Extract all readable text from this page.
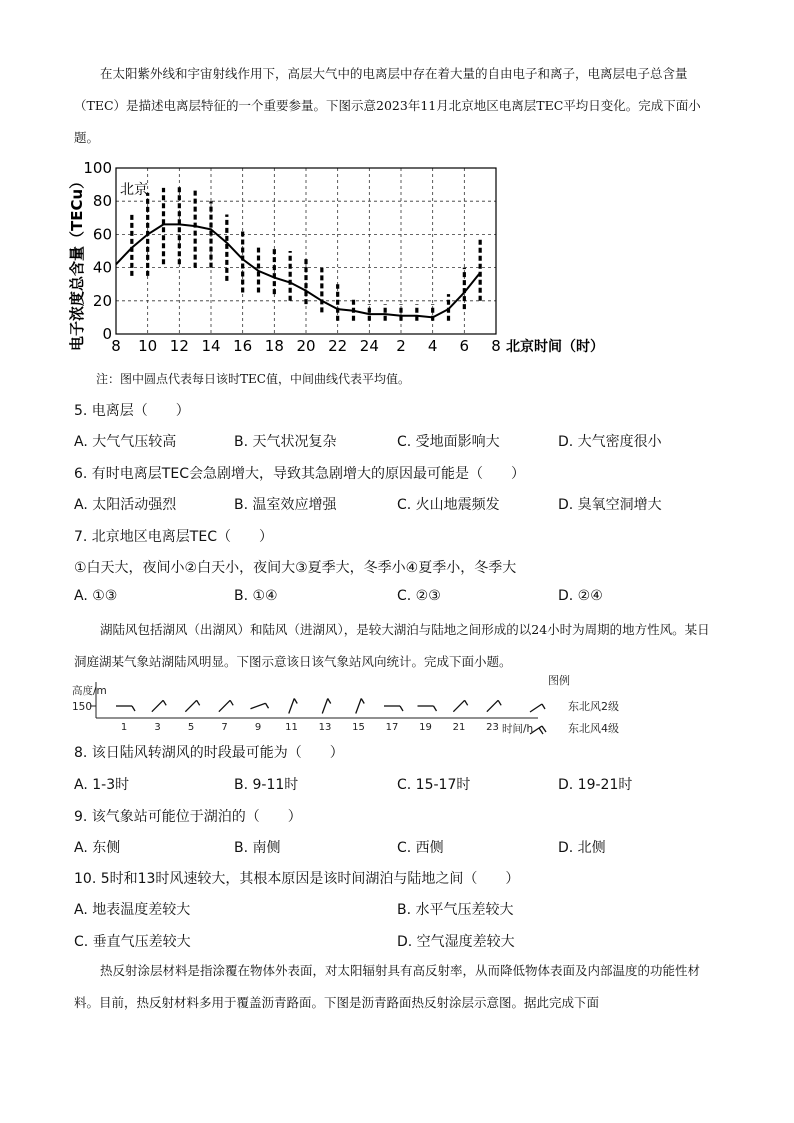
在太阳紫外线和宇宙射线作用下，高层大气中的电离层中存在着大量的自由电子和离子，电离层电子总含量（TEC）是描述电离层特征的一个重要参量。下图示意2023年11月北京地区电离层TEC平均日变化。完成下面小题。

0
20
40
60
80
100
8 10 12 14 16 18 20 22 24 2 4 6 8
北京
电子浓度总含量（TECu）	北京时间（时）
注：图中圆点代表每日该时TEC值，中间曲线代表平均值。
5. 电离层（　　）
A. 大气气压较高	B. 天气状况复杂	C. 受地面影响大	D. 大气密度很小
6. 有时电离层TEC会急剧增大，导致其急剧增大的原因最可能是（　　）
A. 太阳活动强烈	B. 温室效应增强	C. 火山地震频发	D. 臭氧空洞增大
7. 北京地区电离层TEC（　　）
①白天大，夜间小②白天小，夜间大③夏季大，冬季小④夏季小，冬季大
A. ①③	B. ①④	C. ②③	D. ②④

湖陆风包括湖风（出湖风）和陆风（进湖风），是较大湖泊与陆地之间形成的以24小时为周期的地方性风。某日洞庭湖某气象站湖陆风明显。下图示意该日该气象站风向统计。完成下面小题。

高度/m
150
1	3	5	7	9 11 13 15 17 19 21 23 时间/h
图例
东北风2级
东北风4级
8. 该日陆风转湖风的时段最可能为（　　）
A. 1-3时	B. 9-11时	C. 15-17时	D. 19-21时
9. 该气象站可能位于湖泊的（　　）
A. 东侧	B. 南侧	C. 西侧	D. 北侧
10. 5时和13时风速较大，其根本原因是该时间湖泊与陆地之间（　　）
A. 地表温度差较大	B. 水平气压差较大
C. 垂直气压差较大	D. 空气湿度差较大

热反射涂层材料是指涂覆在物体外表面，对太阳辐射具有高反射率，从而降低物体表面及内部温度的功能性材料。目前，热反射材料多用于覆盖沥青路面。下图是沥青路面热反射涂层示意图。据此完成下面
